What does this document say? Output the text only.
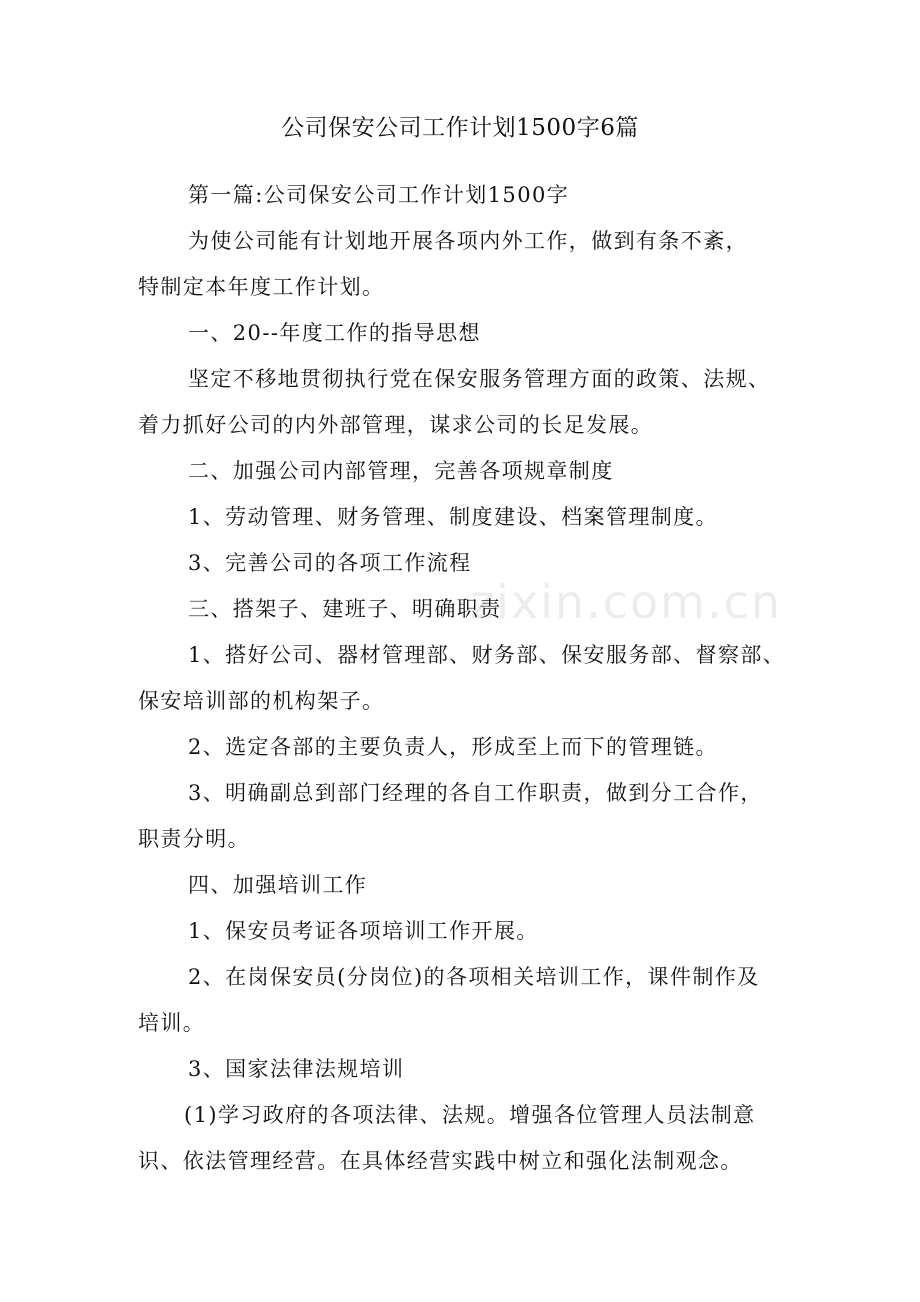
zixin.com.cn
公司保安公司工作计划1500字6篇
第一篇:公司保安公司工作计划1500字
为使公司能有计划地开展各项内外工作，做到有条不紊，
特制定本年度工作计划。
一、20--年度工作的指导思想
坚定不移地贯彻执行党在保安服务管理方面的政策、法规、
着力抓好公司的内外部管理，谋求公司的长足发展。
二、加强公司内部管理，完善各项规章制度
1、劳动管理、财务管理、制度建设、档案管理制度。
3、完善公司的各项工作流程
三、搭架子、建班子、明确职责
1、搭好公司、器材管理部、财务部、保安服务部、督察部、
保安培训部的机构架子。
2、选定各部的主要负责人，形成至上而下的管理链。
3、明确副总到部门经理的各自工作职责，做到分工合作，
职责分明。
四、加强培训工作
1、保安员考证各项培训工作开展。
2、在岗保安员(分岗位)的各项相关培训工作，课件制作及
培训。
3、国家法律法规培训
(1)学习政府的各项法律、法规。增强各位管理人员法制意
识、依法管理经营。在具体经营实践中树立和强化法制观念。
